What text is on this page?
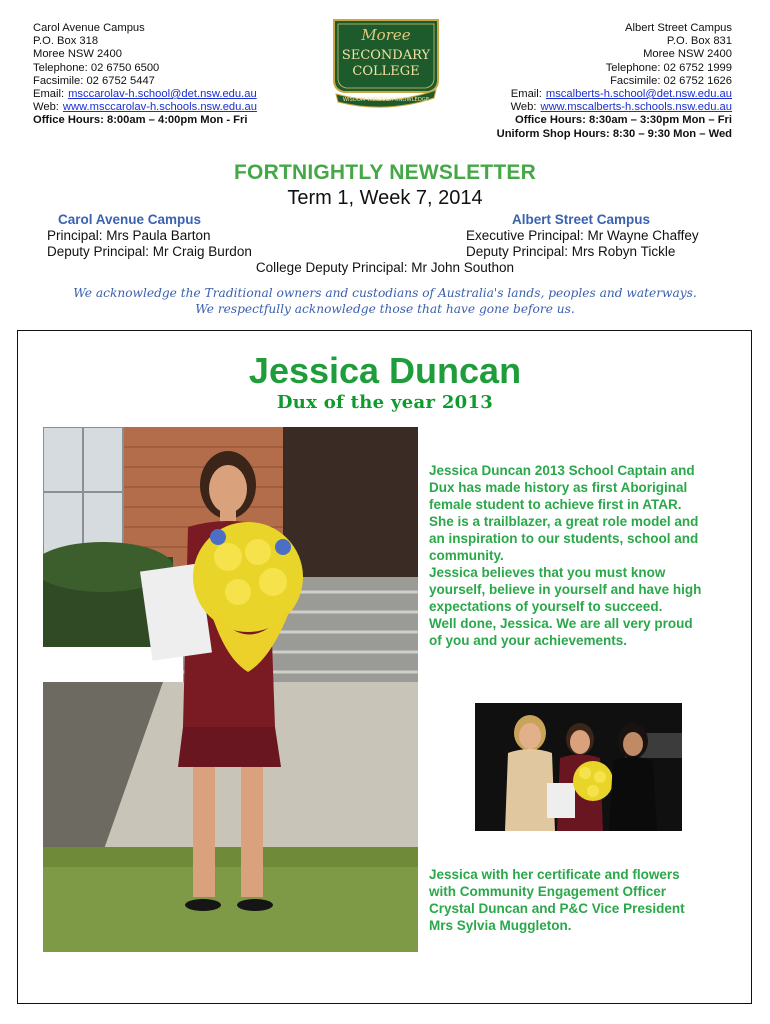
Carol Avenue Campus
P.O. Box 318
Moree NSW 2400
Telephone: 02 6750 6500
Facsimile: 02 6752 5447
Email: msccarolav-h.school@det.nsw.edu.au
Web: www.msccarolav-h.schools.nsw.edu.au
Office Hours: 8:00am – 4:00pm Mon - Fri
Moree
SECONDARY
COLLEGE
WISDOM THROUGH KNOWLEDGE
Albert Street Campus
P.O. Box 831
Moree NSW 2400
Telephone: 02 6752 1999
Facsimile: 02 6752 1626
Email: mscalberts-h.school@det.nsw.edu.au
Web: www.mscalberts-h.schools.nsw.edu.au
Office Hours: 8:30am – 3:30pm Mon – Fri
Uniform Shop Hours: 8:30 – 9:30 Mon – Wed
FORTNIGHTLY NEWSLETTER
Term 1, Week 7, 2014
Carol Avenue Campus	Albert Street Campus
Principal: Mrs Paula Barton
Deputy Principal: Mr Craig Burdon
Executive Principal: Mr Wayne Chaffey
Deputy Principal: Mrs Robyn Tickle
College Deputy Principal: Mr John Southon
We acknowledge the Traditional owners and custodians of Australia's lands, peoples and waterways.
We respectfully acknowledge those that have gone before us.
Jessica Duncan
Dux of the year 2013
Jessica Duncan 2013 School Captain and
Dux has made history as first Aboriginal
female student to achieve first in ATAR.
She is a trailblazer, a great role model and
an inspiration to our students, school and
community.
Jessica believes that you must know
yourself, believe in yourself and have high
expectations of yourself to succeed.
Well done, Jessica. We are all very proud
of you and your achievements.
Jessica with her certificate and flowers
with Community Engagement Officer
Crystal Duncan and P&C Vice President
Mrs Sylvia Muggleton.
